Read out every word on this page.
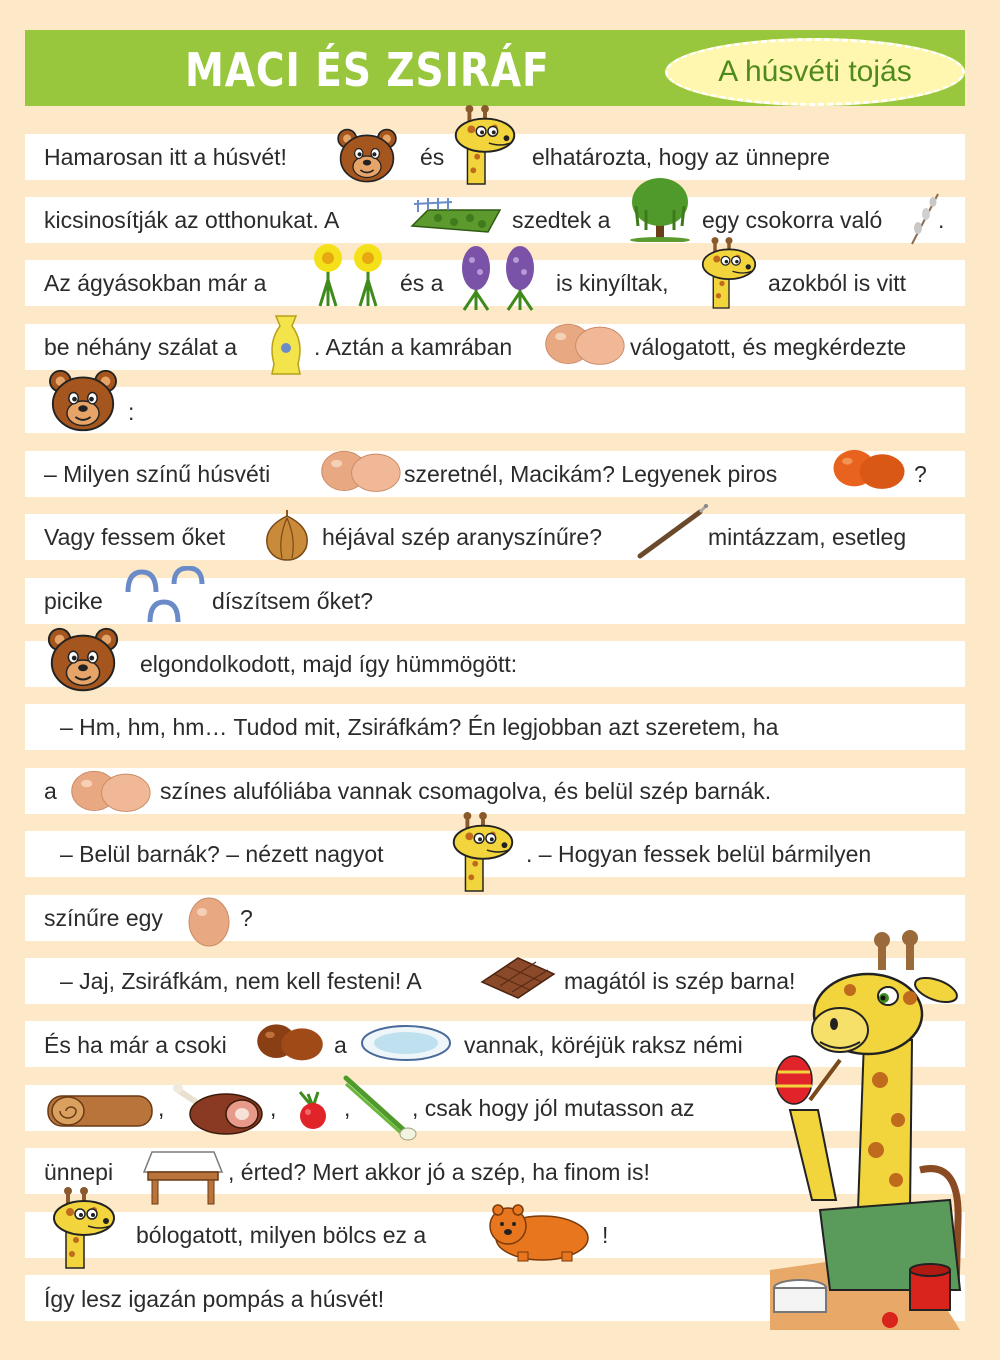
MACI ÉS ZSIRÁF	A húsvéti tojás
Hamarosan itt a húsvét!	és	elhatározta, hogy az ünnepre
kicsinosítják az otthonukat. A	szedtek a	egy csokorra való .
Az ágyásokban már a	és a	is kinyíltak,	azokból is vitt
be néhány szálat a	. Aztán a kamrában	válogatott, és megkérdezte
:
– Milyen színű húsvéti	szeretnél, Macikám? Legyenek piros	?
Vagy fessem őket	héjával szép aranyszínűre?	mintázzam, esetleg
picike	díszítsem őket?
elgondolkodott, majd így hümmögött:
– Hm, hm, hm… Tudod mit, Zsiráfkám? Én legjobban azt szeretem, ha
a	színes alufóliába vannak csomagolva, és belül szép barnák.
– Belül barnák? – nézett nagyot	. – Hogyan fessek belül bármilyen
színűre egy	?
– Jaj, Zsiráfkám, nem kell festeni! A	magától is szép barna!
És ha már a csoki	a	vannak, köréjük raksz némi
,	,	,	, csak hogy jól mutasson az
ünnepi	, érted? Mert akkor jó a szép, ha finom is!
bólogatott, milyen bölcs ez a	!
Így lesz igazán pompás a húsvét!
